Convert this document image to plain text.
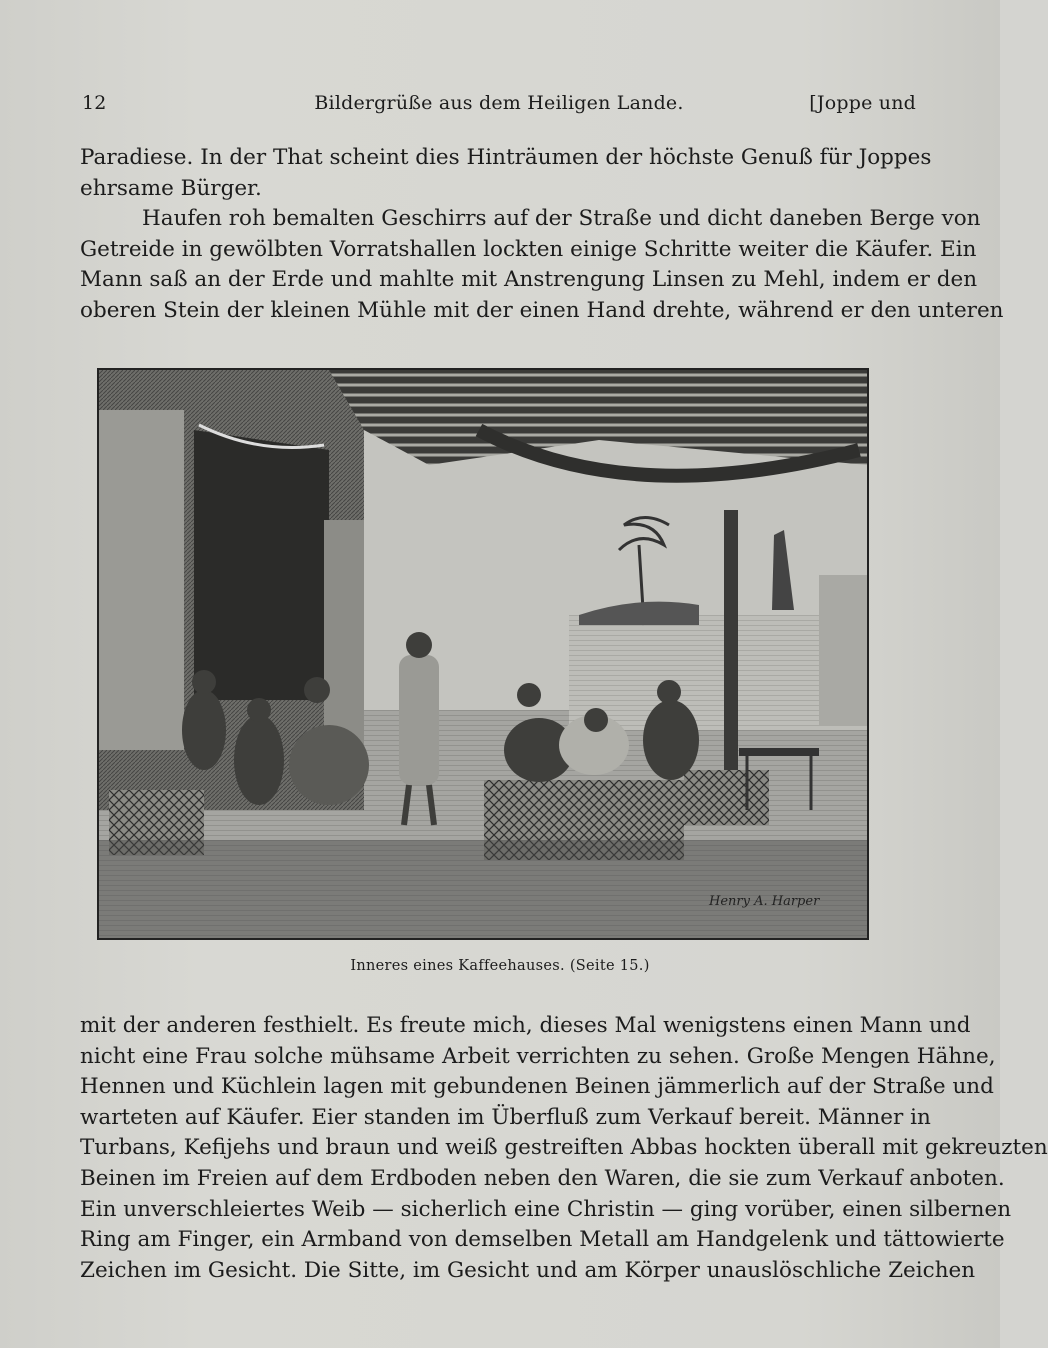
12	Bildergrüße aus dem Heiligen Lande.	[Joppe und
Paradiese. In der That scheint dies Hinträumen der höchste Genuß für Joppes
ehrsame Bürger.
Haufen roh bemalten Geschirrs auf der Straße und dicht daneben Berge von
Getreide in gewölbten Vorratshallen lockten einige Schritte weiter die Käufer. Ein
Mann saß an der Erde und mahlte mit Anstrengung Linsen zu Mehl, indem er den
oberen Stein der kleinen Mühle mit der einen Hand drehte, während er den unteren
Henry A. Harper
Inneres eines Kaffeehauses. (Seite 15.)
mit der anderen festhielt. Es freute mich, dieses Mal wenigstens einen Mann und
nicht eine Frau solche mühsame Arbeit verrichten zu sehen. Große Mengen Hähne,
Hennen und Küchlein lagen mit gebundenen Beinen jämmerlich auf der Straße und
warteten auf Käufer. Eier standen im Überfluß zum Verkauf bereit. Männer in
Turbans, Kefijehs und braun und weiß gestreiften Abbas hockten überall mit gekreuzten
Beinen im Freien auf dem Erdboden neben den Waren, die sie zum Verkauf anboten.
Ein unverschleiertes Weib — sicherlich eine Christin — ging vorüber, einen silbernen
Ring am Finger, ein Armband von demselben Metall am Handgelenk und tättowierte
Zeichen im Gesicht. Die Sitte, im Gesicht und am Körper unauslöschliche Zeichen
